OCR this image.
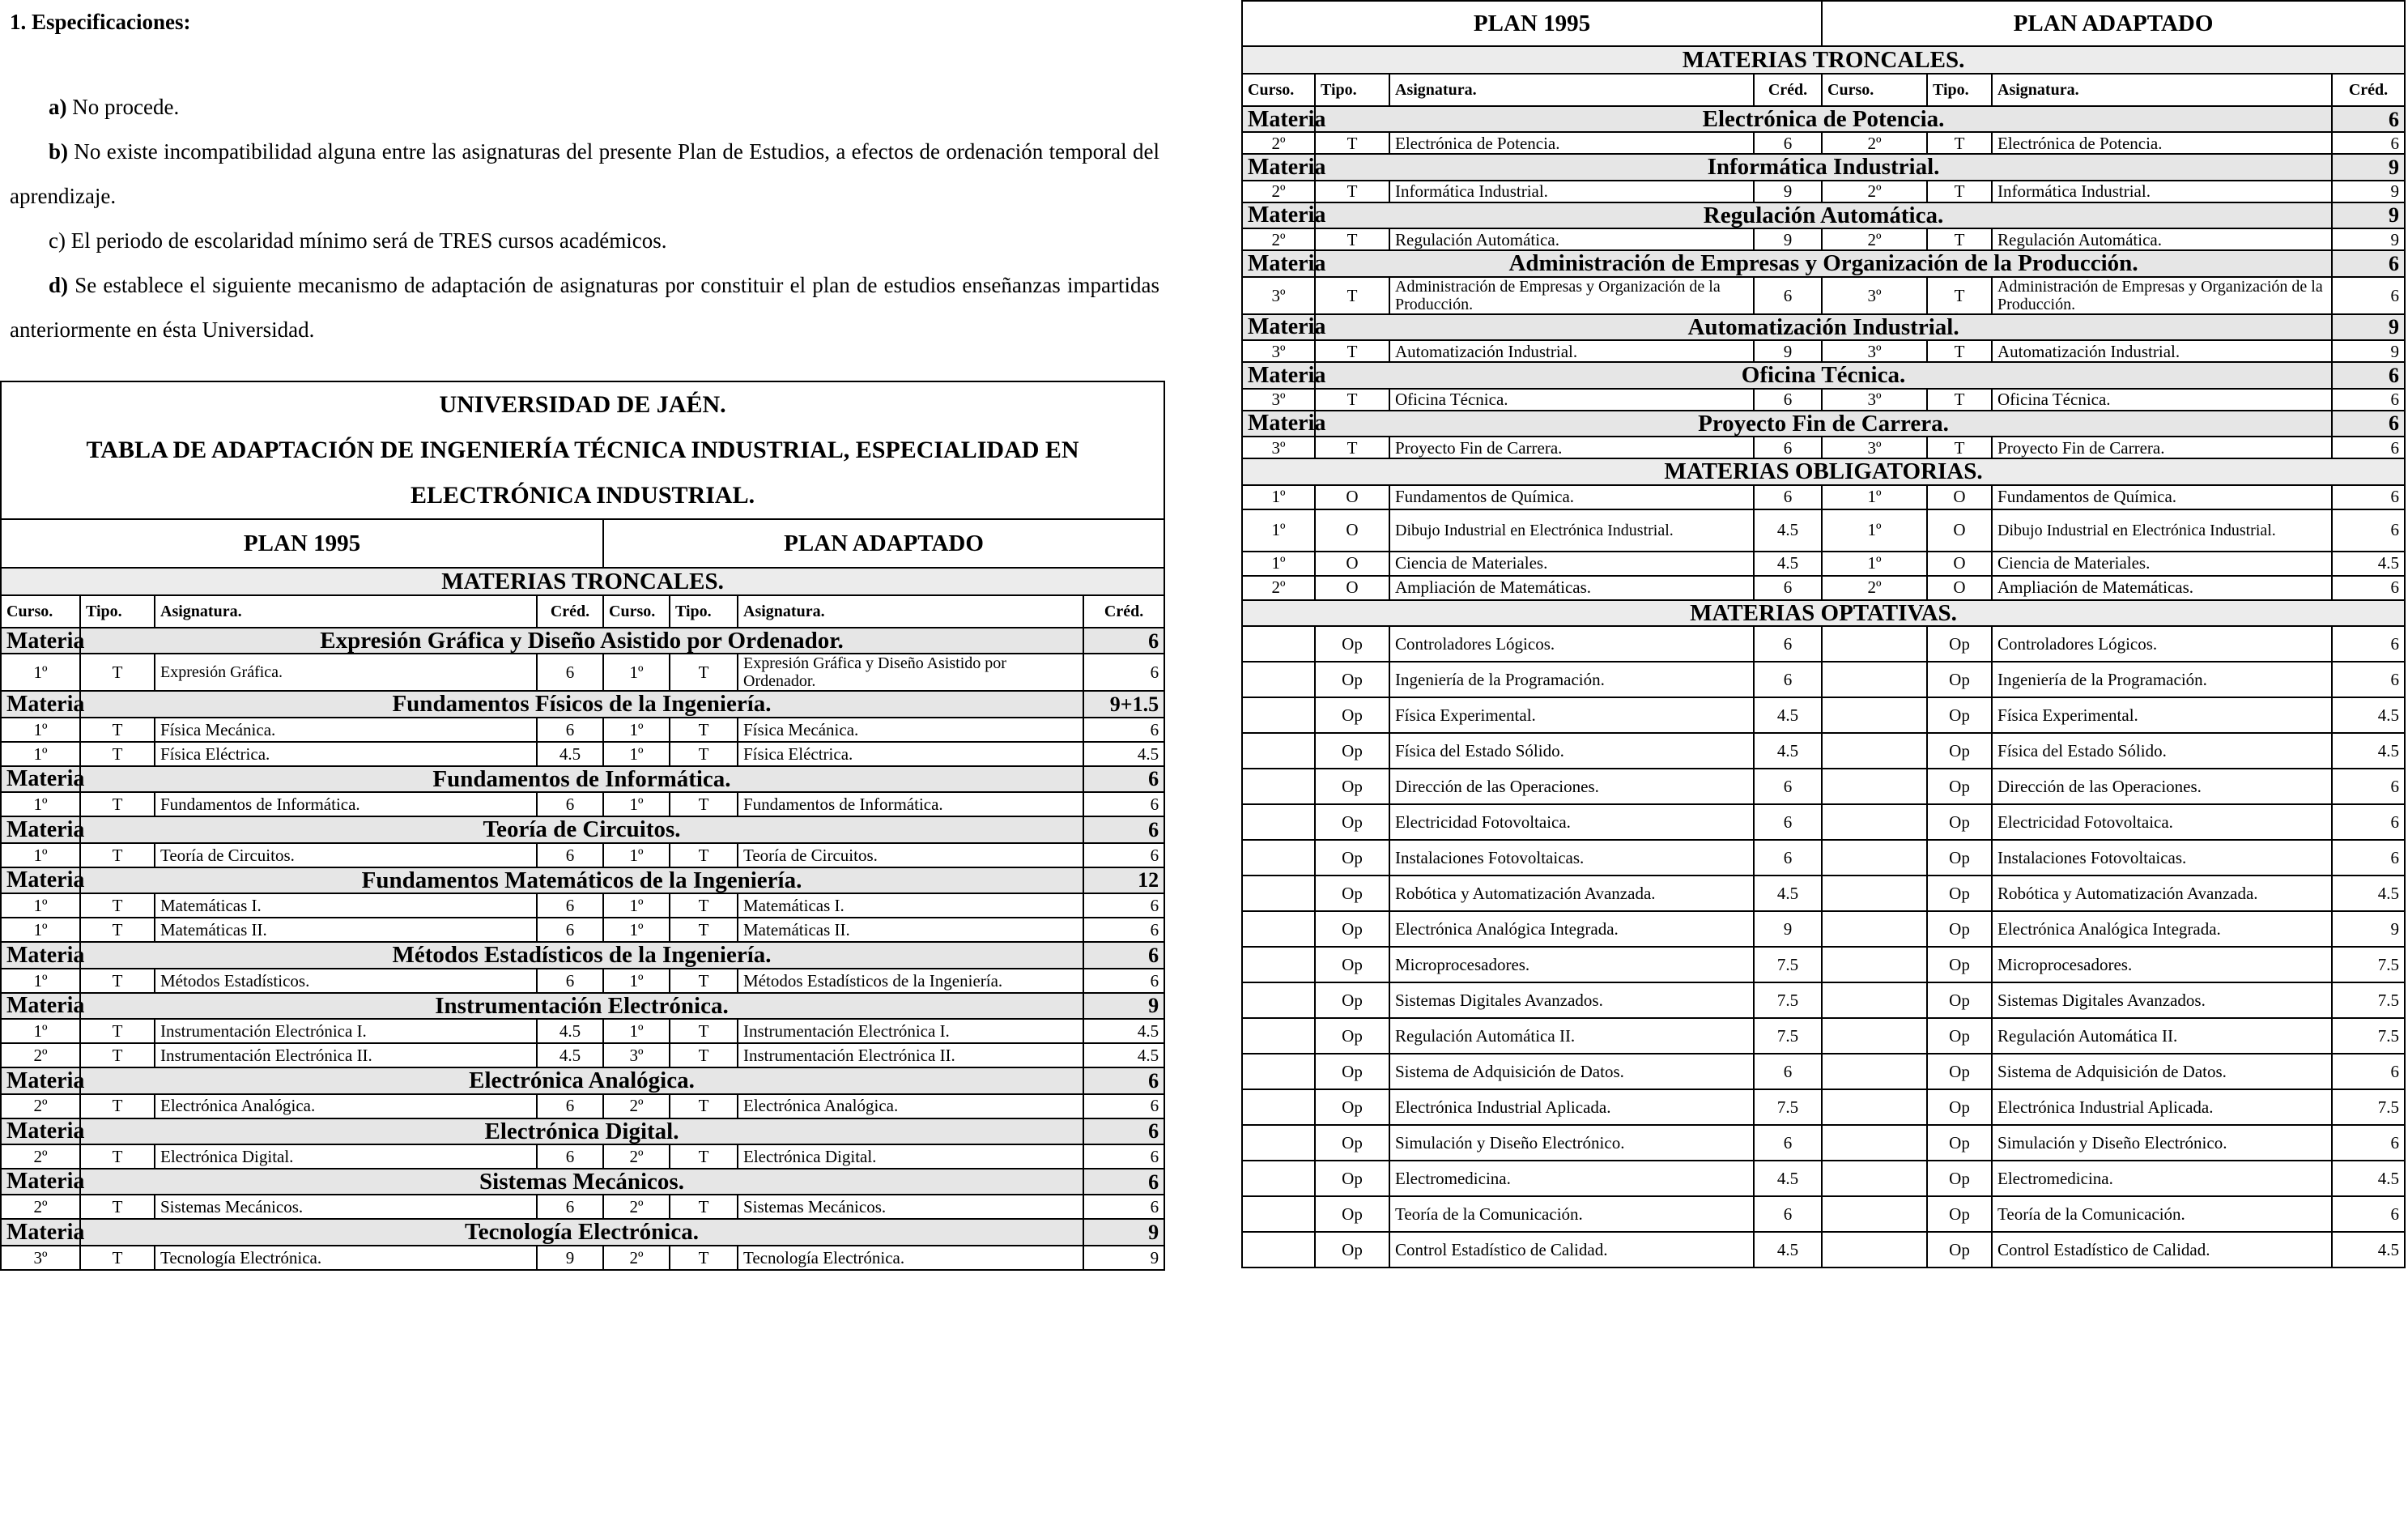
1. Especificaciones:

a) No procede.

b) No existe incompatibilidad alguna entre las asignaturas del presente Plan de Estudios, a efectos de ordenación temporal del aprendizaje.

c) El periodo de escolaridad mínimo será de TRES cursos académicos.

d) Se establece el siguiente mecanismo de adaptación de asignaturas por constituir el plan de estudios enseñanzas impartidas anteriormente en ésta Universidad.

UNIVERSIDAD DE JAÉN.
TABLA DE ADAPTACIÓN DE INGENIERÍA TÉCNICA INDUSTRIAL, ESPECIALIDAD EN
ELECTRÓNICA INDUSTRIAL.							

PLAN 1995				PLAN ADAPTADO			
MATERIAS TRONCALES.							
Curso.	Tipo.	Asignatura.	Créd.	Curso.	Tipo.	Asignatura.	Créd.
Materia	Expresión Gráfica y Diseño Asistido por Ordenador.						6
1º	T	Expresión Gráfica.	6	1º	T	Expresión Gráfica y Diseño Asistido por Ordenador.	6
Materia	Fundamentos Físicos de la Ingeniería.						9+1.5
1º	T	Física Mecánica.	6	1º	T	Física Mecánica.	6
1º	T	Física Eléctrica.	4.5	1º	T	Física Eléctrica.	4.5
Materia	Fundamentos de Informática.						6
1º	T	Fundamentos de Informática.	6	1º	T	Fundamentos de Informática.	6
Materia	Teoría de Circuitos.						6
1º	T	Teoría de Circuitos.	6	1º	T	Teoría de Circuitos.	6
Materia	Fundamentos Matemáticos de la Ingeniería.						12
1º	T	Matemáticas I.	6	1º	T	Matemáticas I.	6
1º	T	Matemáticas II.	6	1º	T	Matemáticas II.	6
Materia	Métodos Estadísticos de la Ingeniería.						6
1º	T	Métodos Estadísticos.	6	1º	T	Métodos Estadísticos de la Ingeniería.	6
Materia	Instrumentación Electrónica.						9
1º	T	Instrumentación Electrónica I.	4.5	1º	T	Instrumentación Electrónica I.	4.5
2º	T	Instrumentación Electrónica II.	4.5	3º	T	Instrumentación Electrónica II.	4.5
Materia	Electrónica Analógica.						6
2º	T	Electrónica Analógica.	6	2º	T	Electrónica Analógica.	6
Materia	Electrónica Digital.						6
2º	T	Electrónica Digital.	6	2º	T	Electrónica Digital.	6
Materia	Sistemas Mecánicos.						6
2º	T	Sistemas Mecánicos.	6	2º	T	Sistemas Mecánicos.	6
Materia	Tecnología Electrónica.						9
3º	T	Tecnología Electrónica.	9	2º	T	Tecnología Electrónica.	9
PLAN 1995				PLAN ADAPTADO			
MATERIAS TRONCALES.							
Curso.	Tipo.	Asignatura.	Créd.	Curso.	Tipo.	Asignatura.	Créd.
Materia	Electrónica de Potencia.						6
2º	T	Electrónica de Potencia.	6	2º	T	Electrónica de Potencia.	6
Materia	Informática Industrial.						9
2º	T	Informática Industrial.	9	2º	T	Informática Industrial.	9
Materia	Regulación Automática.						9
2º	T	Regulación Automática.	9	2º	T	Regulación Automática.	9
Materia	Administración de Empresas y Organización de la Producción.						6
3º	T	Administración de Empresas y Organización de la Producción.	6	3º	T	Administración de Empresas y Organización de la Producción.	6
Materia	Automatización Industrial.						9
3º	T	Automatización Industrial.	9	3º	T	Automatización Industrial.	9
Materia	Oficina Técnica.						6
3º	T	Oficina Técnica.	6	3º	T	Oficina Técnica.	6
Materia	Proyecto Fin de Carrera.						6
3º	T	Proyecto Fin de Carrera.	6	3º	T	Proyecto Fin de Carrera.	6
MATERIAS OBLIGATORIAS.							
1º	O	Fundamentos de Química.	6	1º	O	Fundamentos de Química.	6
1º	O	Dibujo Industrial en Electrónica Industrial.	4.5	1º	O	Dibujo Industrial en Electrónica Industrial.	6
1º	O	Ciencia de Materiales.	4.5	1º	O	Ciencia de Materiales.	4.5
2º	O	Ampliación de Matemáticas.	6	2º	O	Ampliación de Matemáticas.	6
MATERIAS OPTATIVAS.							
	Op	Controladores Lógicos.	6		Op	Controladores Lógicos.	6
	Op	Ingeniería de la Programación.	6		Op	Ingeniería de la Programación.	6
	Op	Física Experimental.	4.5		Op	Física Experimental.	4.5
	Op	Física del Estado Sólido.	4.5		Op	Física del Estado Sólido.	4.5
	Op	Dirección de las Operaciones.	6		Op	Dirección de las Operaciones.	6
	Op	Electricidad Fotovoltaica.	6		Op	Electricidad Fotovoltaica.	6
	Op	Instalaciones Fotovoltaicas.	6		Op	Instalaciones Fotovoltaicas.	6
	Op	Robótica y Automatización Avanzada.	4.5		Op	Robótica y Automatización Avanzada.	4.5
	Op	Electrónica Analógica Integrada.	9		Op	Electrónica Analógica Integrada.	9
	Op	Microprocesadores.	7.5		Op	Microprocesadores.	7.5
	Op	Sistemas Digitales Avanzados.	7.5		Op	Sistemas Digitales Avanzados.	7.5
	Op	Regulación Automática II.	7.5		Op	Regulación Automática II.	7.5
	Op	Sistema de Adquisición de Datos.	6		Op	Sistema de Adquisición de Datos.	6
	Op	Electrónica Industrial Aplicada.	7.5		Op	Electrónica Industrial Aplicada.	7.5
	Op	Simulación y Diseño Electrónico.	6		Op	Simulación y Diseño Electrónico.	6
	Op	Electromedicina.	4.5		Op	Electromedicina.	4.5
	Op	Teoría de la Comunicación.	6		Op	Teoría de la Comunicación.	6
	Op	Control Estadístico de Calidad.	4.5		Op	Control Estadístico de Calidad.	4.5
